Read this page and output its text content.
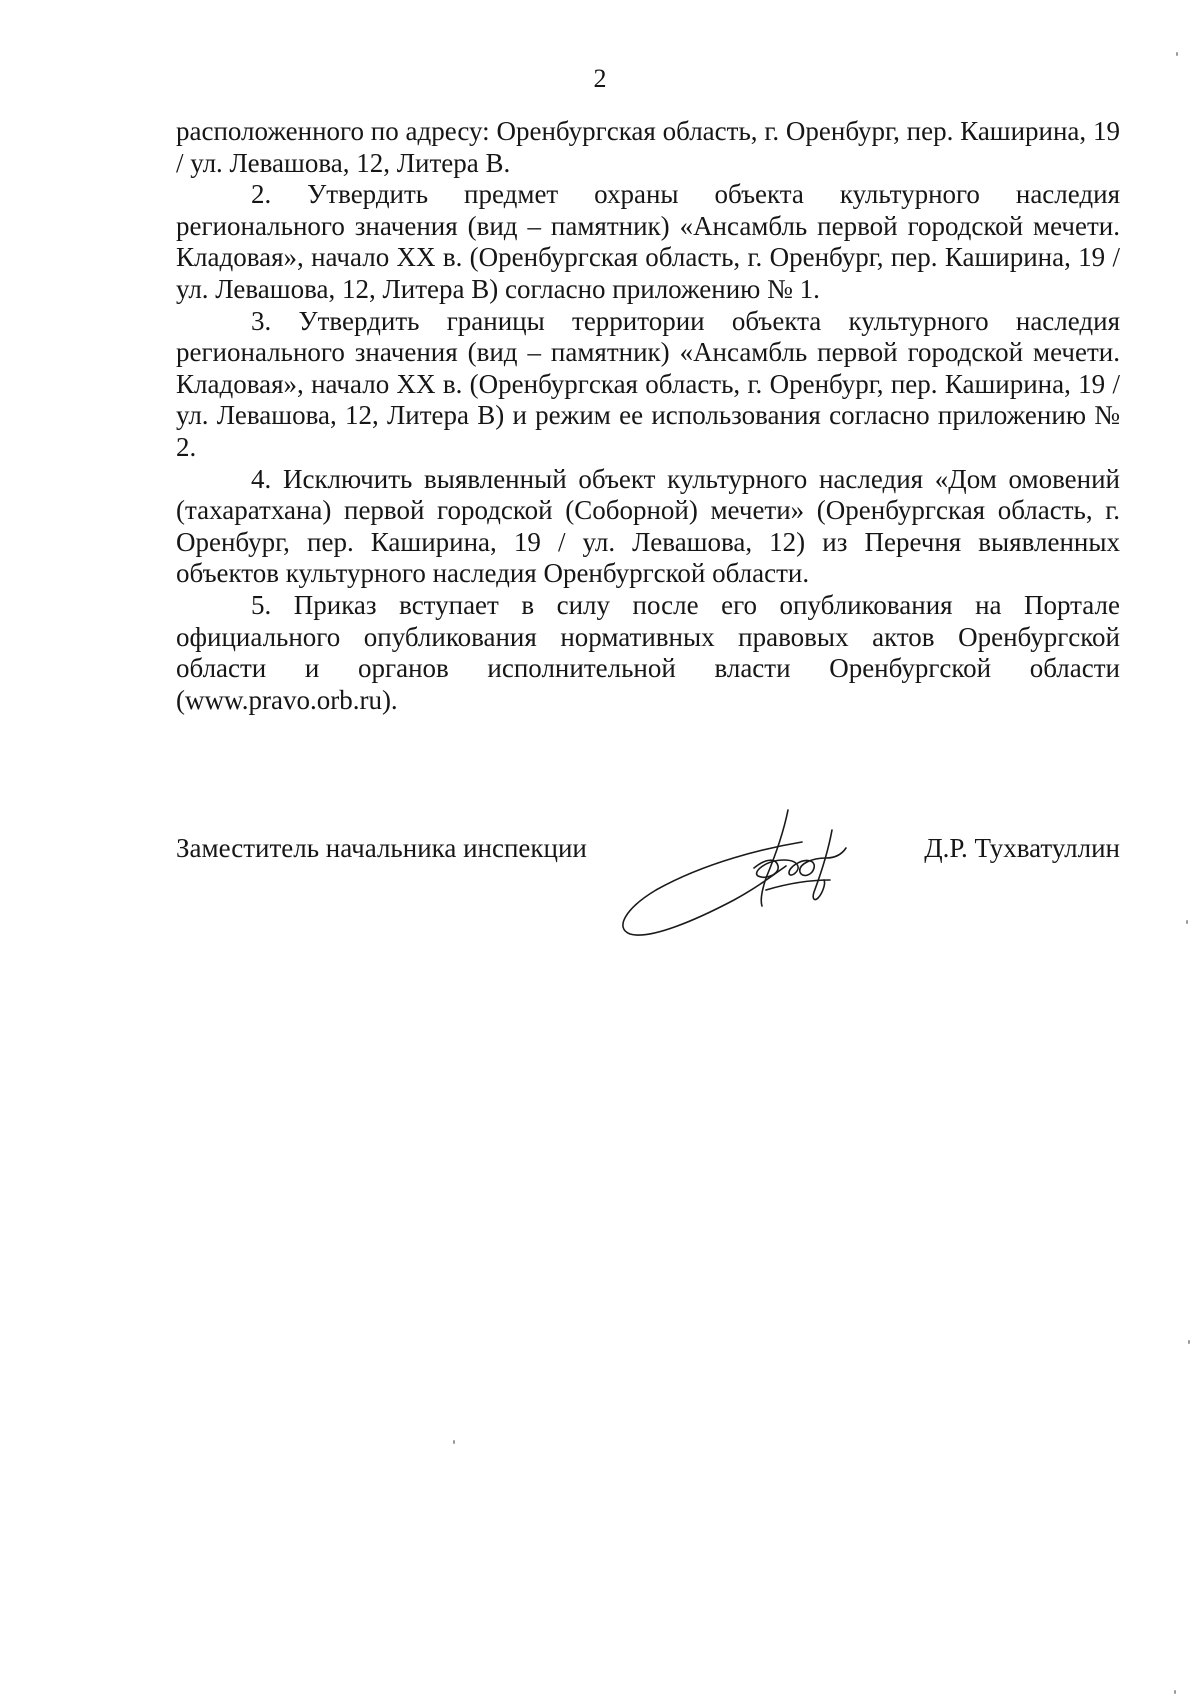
2

расположенного по адресу: Оренбургская область, г. Оренбург, пер. Каширина, 19 / ул. Левашова, 12, Литера В.

2. Утвердить предмет охраны объекта культурного наследия регионального значения (вид – памятник) «Ансамбль первой городской мечети. Кладовая», начало XX в. (Оренбургская область, г. Оренбург, пер. Каширина, 19 / ул. Левашова, 12, Литера В) согласно приложению № 1.

3. Утвердить границы территории объекта культурного наследия регионального значения (вид – памятник) «Ансамбль первой городской мечети. Кладовая», начало XX в. (Оренбургская область, г. Оренбург, пер. Каширина, 19 / ул. Левашова, 12, Литера В) и режим ее использования согласно приложению № 2.

4. Исключить выявленный объект культурного наследия «Дом омовений (тахаратхана) первой городской (Соборной) мечети» (Оренбургская область, г. Оренбург, пер. Каширина, 19 / ул. Левашова, 12) из Перечня выявленных объектов культурного наследия Оренбургской области.

5. Приказ вступает в силу после его опубликования на Портале официального опубликования нормативных правовых актов Оренбургской области и органов исполнительной власти Оренбургской области (www.pravo.orb.ru).

Заместитель начальника инспекции	Д.Р. Тухватуллин
